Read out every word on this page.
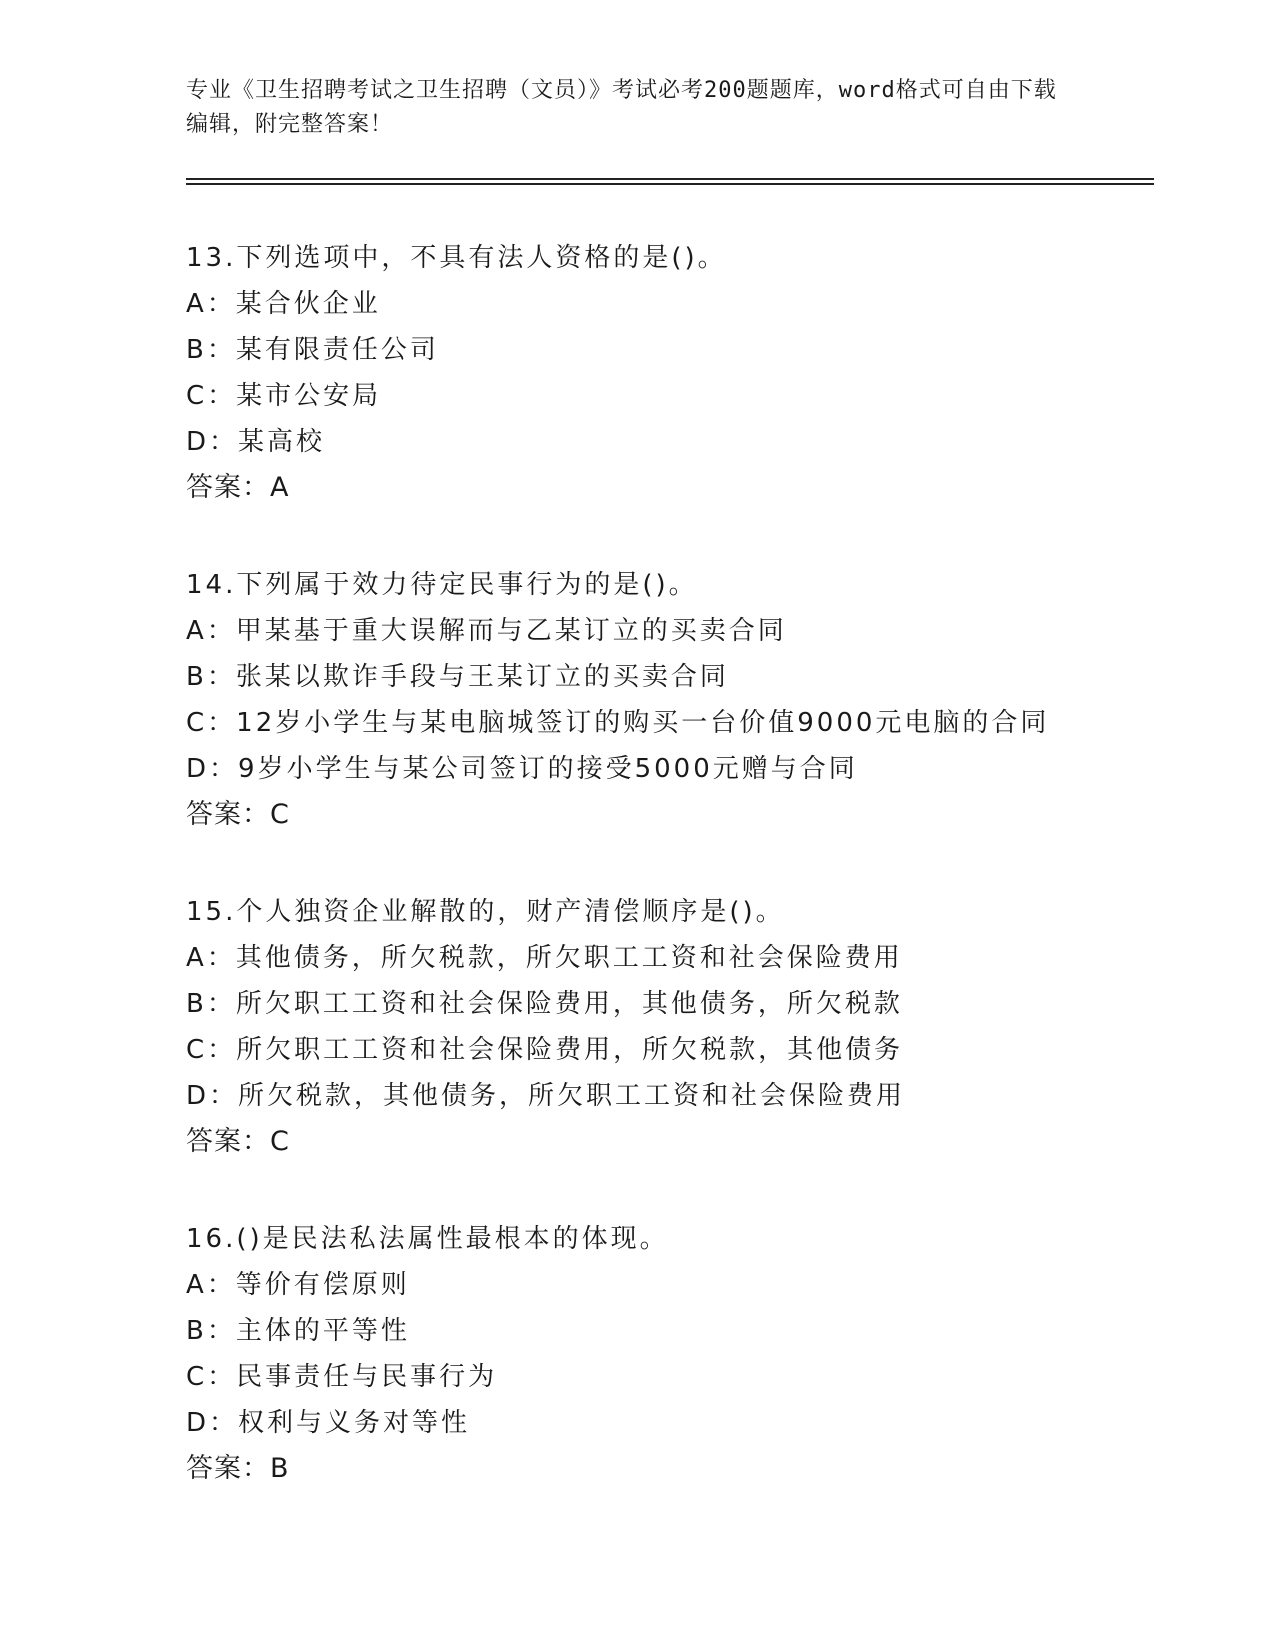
专业《卫生招聘考试之卫生招聘（文员）》考试必考200题题库，word格式可自由下载编辑，附完整答案！
13.下列选项中，不具有法人资格的是()。
A：某合伙企业
B：某有限责任公司
C：某市公安局
D：某高校
答案：A
14.下列属于效力待定民事行为的是()。
A：甲某基于重大误解而与乙某订立的买卖合同
B：张某以欺诈手段与王某订立的买卖合同
C：12岁小学生与某电脑城签订的购买一台价值9000元电脑的合同
D：9岁小学生与某公司签订的接受5000元赠与合同
答案：C
15.个人独资企业解散的，财产清偿顺序是()。
A：其他债务，所欠税款，所欠职工工资和社会保险费用
B：所欠职工工资和社会保险费用，其他债务，所欠税款
C：所欠职工工资和社会保险费用，所欠税款，其他债务
D：所欠税款，其他债务，所欠职工工资和社会保险费用
答案：C
16.()是民法私法属性最根本的体现。
A：等价有偿原则
B：主体的平等性
C：民事责任与民事行为
D：权利与义务对等性
答案：B
